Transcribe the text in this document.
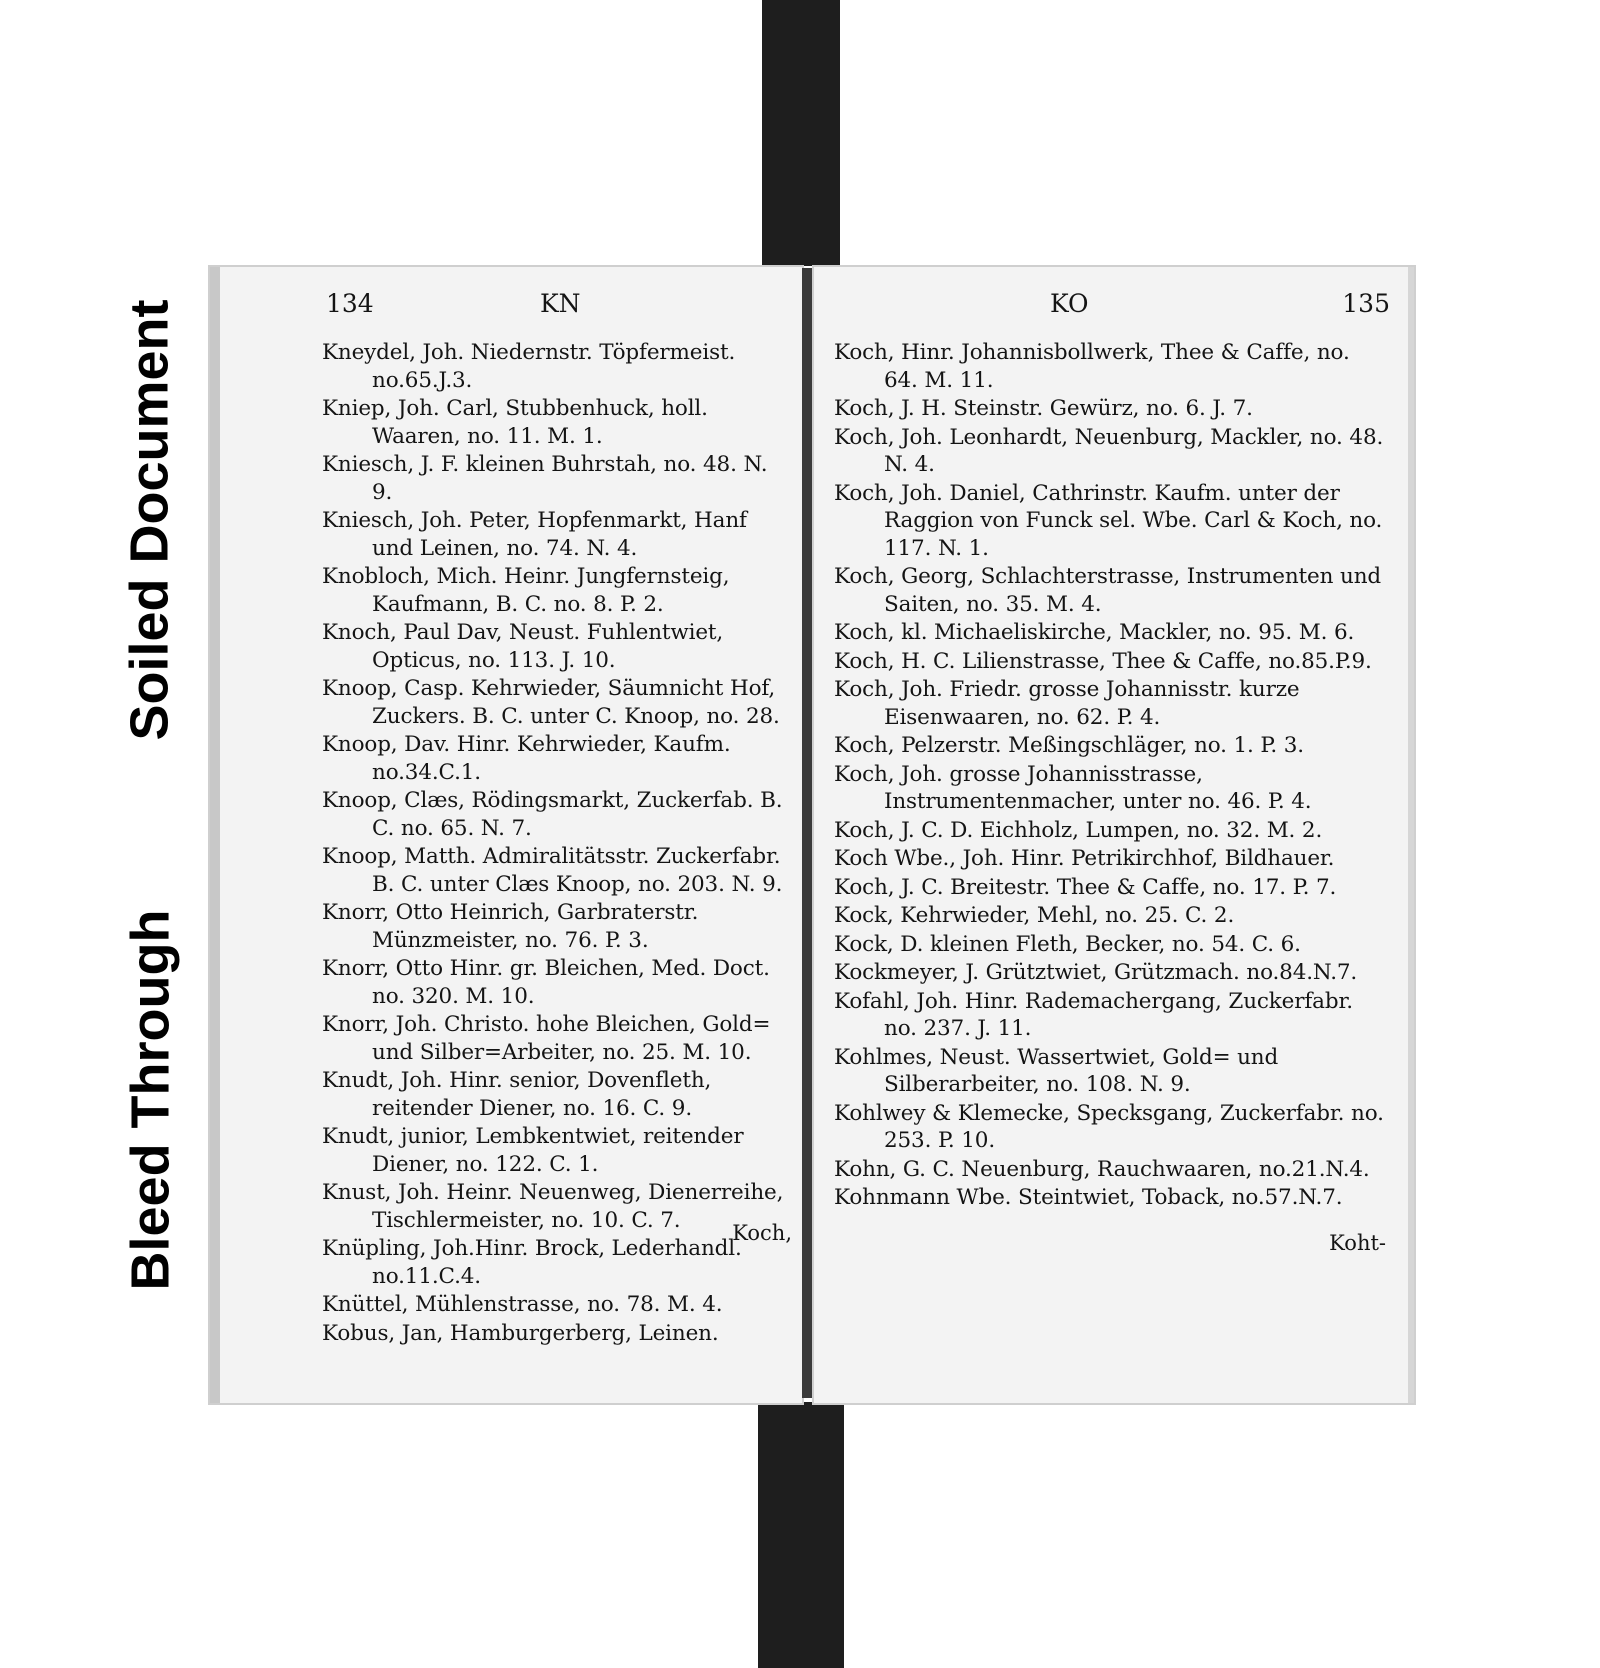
Soiled Document
Bleed Through
134	KN
Kneydel, Joh. Niedernstr. Töpfermeist. no.65.J.3.
Kniep, Joh. Carl, Stubbenhuck, holl. Waaren, no. 11. M. 1.
Kniesch, J. F. kleinen Buhrstah, no. 48. N. 9.
Kniesch, Joh. Peter, Hopfenmarkt, Hanf und Leinen, no. 74. N. 4.
Knobloch, Mich. Heinr. Jungfernsteig, Kaufmann, B. C. no. 8. P. 2.
Knoch, Paul Dav, Neust. Fuhlentwiet, Opticus, no. 113. J. 10.
Knoop, Casp. Kehrwieder, Säumnicht Hof, Zuckers. B. C. unter C. Knoop, no. 28.
Knoop, Dav. Hinr. Kehrwieder, Kaufm. no.34.C.1.
Knoop, Clæs, Rödingsmarkt, Zuckerfab. B. C. no. 65. N. 7.
Knoop, Matth. Admiralitätsstr. Zuckerfabr. B. C. unter Clæs Knoop, no. 203. N. 9.
Knorr, Otto Heinrich, Garbraterstr. Münzmeister, no. 76. P. 3.
Knorr, Otto Hinr. gr. Bleichen, Med. Doct. no. 320. M. 10.
Knorr, Joh. Christo. hohe Bleichen, Gold= und Silber=Arbeiter, no. 25. M. 10.
Knudt, Joh. Hinr. senior, Dovenfleth, reitender Diener, no. 16. C. 9.
Knudt, junior, Lembkentwiet, reitender Diener, no. 122. C. 1.
Knust, Joh. Heinr. Neuenweg, Dienerreihe, Tischlermeister, no. 10. C. 7.
Knüpling, Joh.Hinr. Brock, Lederhandl. no.11.C.4.
Knüttel, Mühlenstrasse, no. 78. M. 4.
Kobus, Jan, Hamburgerberg, Leinen.
Koch,
KO	135
Koch, Hinr. Johannisbollwerk, Thee & Caffe, no. 64. M. 11.
Koch, J. H. Steinstr. Gewürz, no. 6. J. 7.
Koch, Joh. Leonhardt, Neuenburg, Mackler, no. 48. N. 4.
Koch, Joh. Daniel, Cathrinstr. Kaufm. unter der Raggion von Funck sel. Wbe. Carl & Koch, no. 117. N. 1.
Koch, Georg, Schlachterstrasse, Instrumenten und Saiten, no. 35. M. 4.
Koch, kl. Michaeliskirche, Mackler, no. 95. M. 6.
Koch, H. C. Lilienstrasse, Thee & Caffe, no.85.P.9.
Koch, Joh. Friedr. grosse Johannisstr. kurze Eisenwaaren, no. 62. P. 4.
Koch, Pelzerstr. Meßingschläger, no. 1. P. 3.
Koch, Joh. grosse Johannisstrasse, Instrumentenmacher, unter no. 46. P. 4.
Koch, J. C. D. Eichholz, Lumpen, no. 32. M. 2.
Koch Wbe., Joh. Hinr. Petrikirchhof, Bildhauer.
Koch, J. C. Breitestr. Thee & Caffe, no. 17. P. 7.
Kock, Kehrwieder, Mehl, no. 25. C. 2.
Kock, D. kleinen Fleth, Becker, no. 54. C. 6.
Kockmeyer, J. Grütztwiet, Grützmach. no.84.N.7.
Kofahl, Joh. Hinr. Rademachergang, Zuckerfabr. no. 237. J. 11.
Kohlmes, Neust. Wassertwiet, Gold= und Silberarbeiter, no. 108. N. 9.
Kohlwey & Klemecke, Specksgang, Zuckerfabr. no. 253. P. 10.
Kohn, G. C. Neuenburg, Rauchwaaren, no.21.N.4.
Kohnmann Wbe. Steintwiet, Toback, no.57.N.7.
Koht-
